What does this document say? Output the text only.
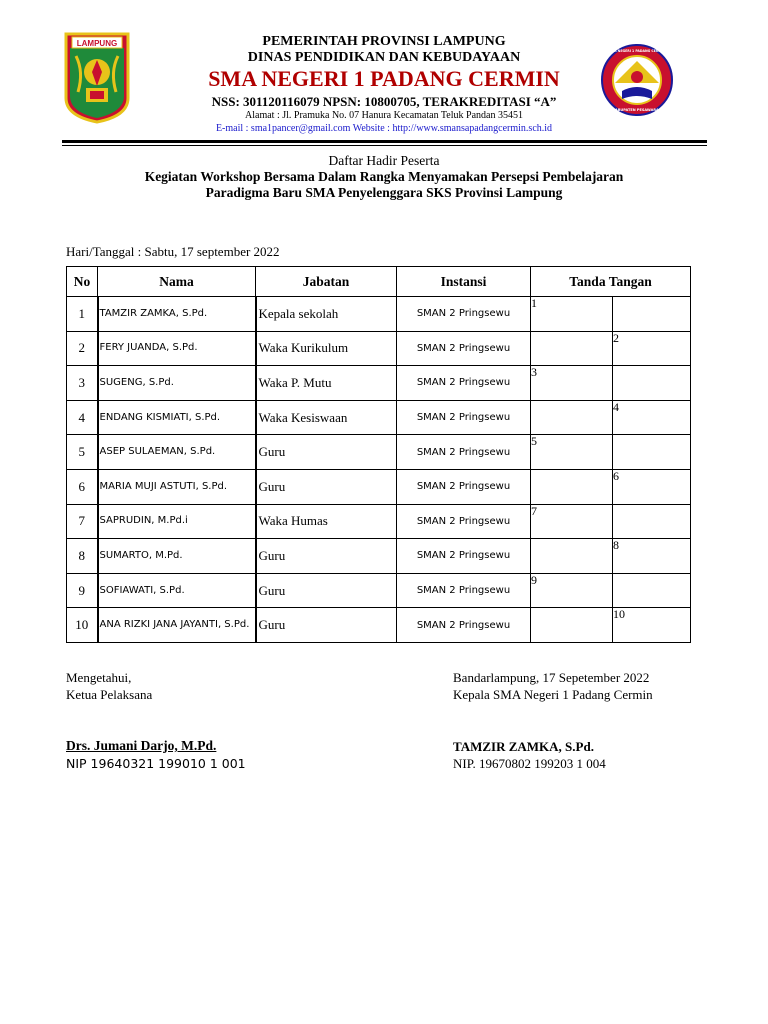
LAMPUNG
SMA NEGERI 1 PADANG CERMIN
KABUPATEN PESAWARAN
PEMERINTAH PROVINSI LAMPUNG
DINAS PENDIDIKAN DAN KEBUDAYAAN
SMA NEGERI 1 PADANG CERMIN
NSS: 301120116079 NPSN: 10800705, TERAKREDITASI “A”
Alamat : Jl. Pramuka No. 07 Hanura Kecamatan Teluk Pandan 35451
E-mail : sma1pancer@gmail.com Website : http://www.smansapadangcermin.sch.id
Daftar Hadir Peserta
Kegiatan Workshop Bersama Dalam Rangka Menyamakan Persepsi Pembelajaran
Paradigma Baru SMA Penyelenggara SKS Provinsi Lampung
Hari/Tanggal : Sabtu, 17 september 2022
No	Nama	Jabatan	Instansi	Tanda Tangan	
1	TAMZIR ZAMKA, S.Pd.	Kepala sekolah	SMAN 2 Pringsewu	1	
2	FERY JUANDA, S.Pd.	Waka Kurikulum	SMAN 2 Pringsewu		2
3	SUGENG, S.Pd.	Waka P. Mutu	SMAN 2 Pringsewu	3	
4	ENDANG KISMIATI, S.Pd.	Waka Kesiswaan	SMAN 2 Pringsewu		4
5	ASEP SULAEMAN, S.Pd.	Guru	SMAN 2 Pringsewu	5	
6	MARIA MUJI ASTUTI, S.Pd.	Guru	SMAN 2 Pringsewu		6
7	SAPRUDIN, M.Pd.i	Waka Humas	SMAN 2 Pringsewu	7	
8	SUMARTO, M.Pd.	Guru	SMAN 2 Pringsewu		8
9	SOFIAWATI, S.Pd.	Guru	SMAN 2 Pringsewu	9	
10	ANA RIZKI JANA JAYANTI, S.Pd.	Guru	SMAN 2 Pringsewu		10
Mengetahui,
Ketua Pelaksana
Drs. Jumani Darjo, M.Pd.
NIP 19640321 199010 1 001
Bandarlampung, 17 Sepetember 2022
Kepala SMA Negeri 1 Padang Cermin
TAMZIR ZAMKA, S.Pd.
NIP. 19670802 199203 1 004
